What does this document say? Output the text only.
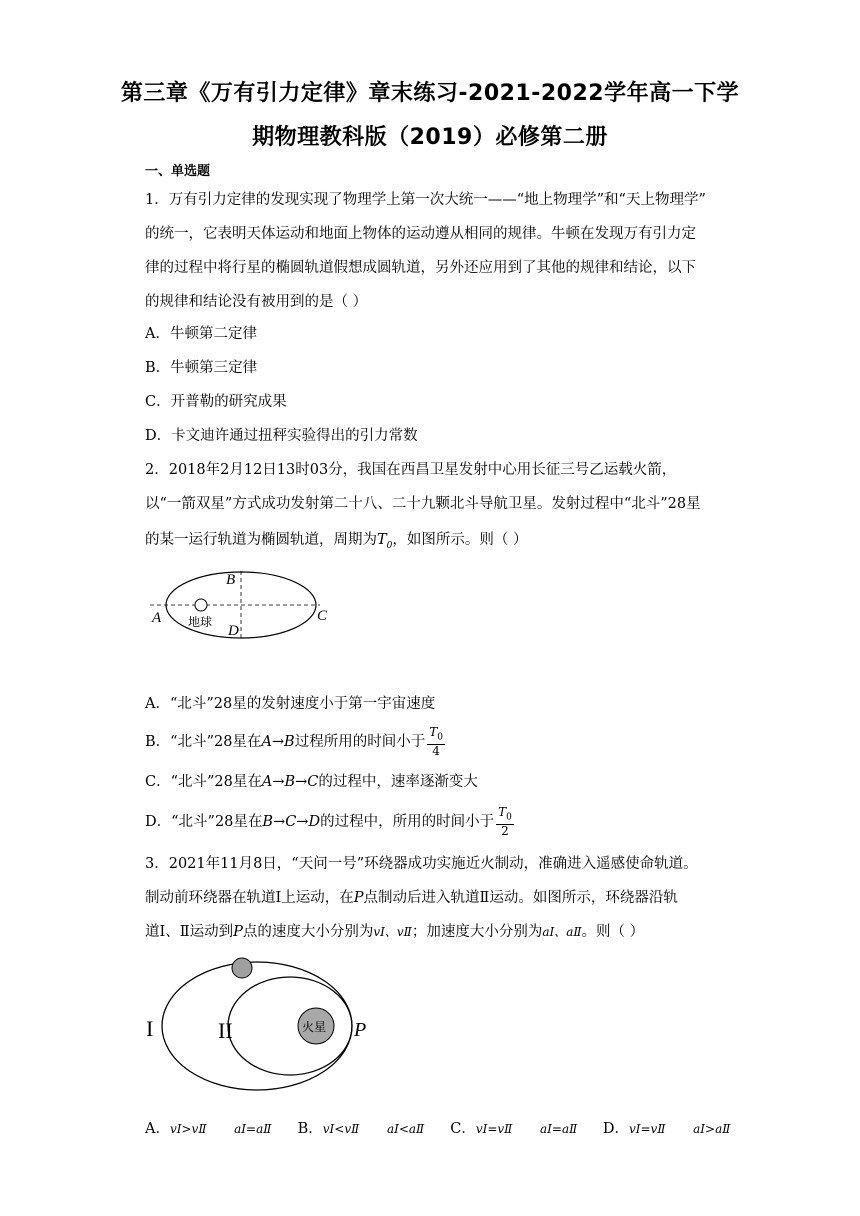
第三章《万有引力定律》章末练习-2021-2022学年高一下学
期物理教科版（2019）必修第二册
一、单选题
1．万有引力定律的发现实现了物理学上第一次大统一——“地上物理学”和“天上物理学”
的统一，它表明天体运动和地面上物体的运动遵从相同的规律。牛顿在发现万有引力定
律的过程中将行星的椭圆轨道假想成圆轨道，另外还应用到了其他的规律和结论，以下
的规律和结论没有被用到的是（ ）
A．牛顿第二定律
B．牛顿第三定律
C．开普勒的研究成果
D．卡文迪许通过扭秤实验得出的引力常数
2．2018年2月12日13时03分，我国在西昌卫星发射中心用长征三号乙运载火箭，
以“一箭双星”方式成功发射第二十八、二十九颗北斗导航卫星。发射过程中“北斗”28星
的某一运行轨道为椭圆轨道，周期为$T_0$，如图所示。则（ ）
A
B
C
D
地球
A．“北斗”28星的发射速度小于第一宇宙速度
B．“北斗”28星在A→B过程所用的时间小于 $\frac{T_0}{4}$
C．“北斗”28星在A→B→C的过程中，速率逐渐变大
D．“北斗”28星在B→C→D的过程中，所用的时间小于 $\frac{T_0}{2}$
3．2021年11月8日，“天问一号”环绕器成功实施近火制动，准确进入遥感使命轨道。
制动前环绕器在轨道Ⅰ上运动，在P点制动后进入轨道Ⅱ运动。如图所示，环绕器沿轨
道Ⅰ、Ⅱ运动到P点的速度大小分别为vⅠ、vⅡ；加速度大小分别为aⅠ、aⅡ。则（ ）
火星
I	II	P
A．vⅠ>vⅡ aⅠ=aⅡ B．vⅠ<vⅡ aⅠ<aⅡ C．vⅠ=vⅡ aⅠ=aⅡ D．vⅠ=vⅡ aⅠ>aⅡ
